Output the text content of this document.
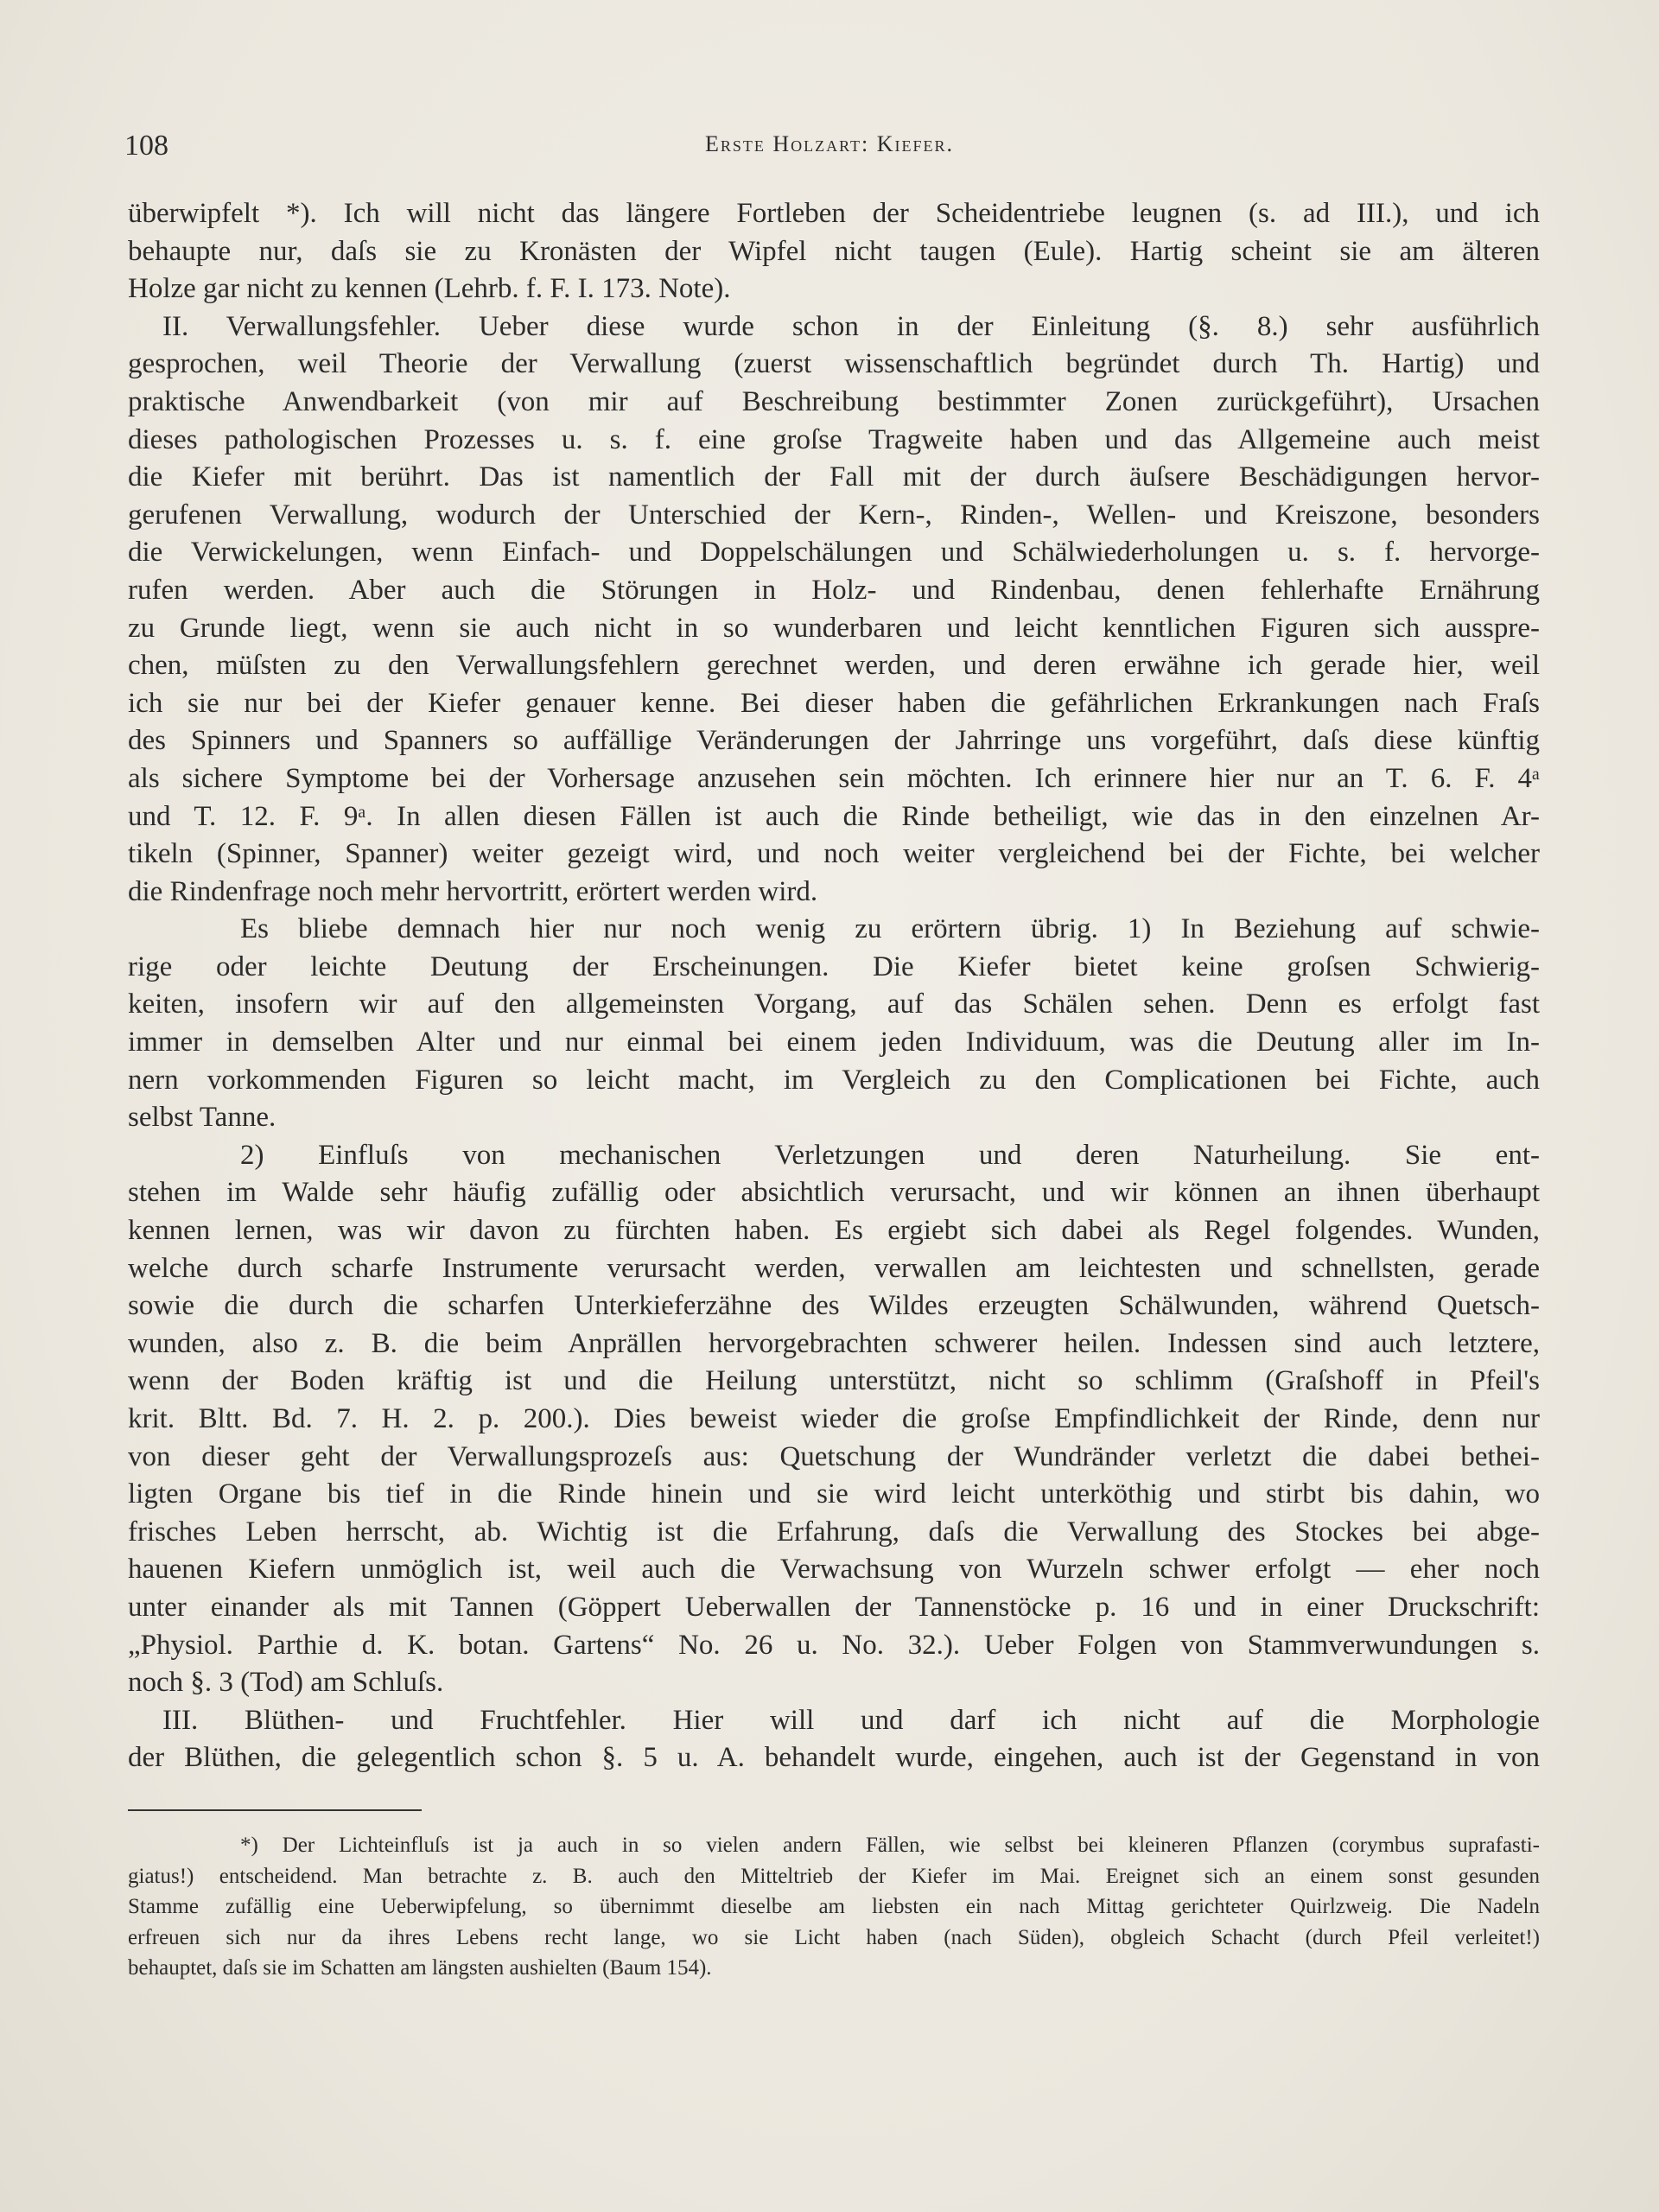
108	Erste Holzart: Kiefer.
überwipfelt *). Ich will nicht das längere Fortleben der Scheidentriebe leugnen (s. ad III.), und ich
behaupte nur, daſs sie zu Kronästen der Wipfel nicht taugen (Eule). Hartig scheint sie am älteren
Holze gar nicht zu kennen (Lehrb. f. F. I. 173. Note).
II. Verwallungsfehler. Ueber diese wurde schon in der Einleitung (§. 8.) sehr ausführlich
gesprochen, weil Theorie der Verwallung (zuerst wissenschaftlich begründet durch Th. Hartig) und
praktische Anwendbarkeit (von mir auf Beschreibung bestimmter Zonen zurückgeführt), Ursachen
dieses pathologischen Prozesses u. s. f. eine groſse Tragweite haben und das Allgemeine auch meist
die Kiefer mit berührt. Das ist namentlich der Fall mit der durch äuſsere Beschädigungen hervor-
gerufenen Verwallung, wodurch der Unterschied der Kern-, Rinden-, Wellen- und Kreiszone, besonders
die Verwickelungen, wenn Einfach- und Doppelschälungen und Schälwiederholungen u. s. f. hervorge-
rufen werden. Aber auch die Störungen in Holz- und Rindenbau, denen fehlerhafte Ernährung
zu Grunde liegt, wenn sie auch nicht in so wunderbaren und leicht kenntlichen Figuren sich ausspre-
chen, müſsten zu den Verwallungsfehlern gerechnet werden, und deren erwähne ich gerade hier, weil
ich sie nur bei der Kiefer genauer kenne. Bei dieser haben die gefährlichen Erkrankungen nach Fraſs
des Spinners und Spanners so auffällige Veränderungen der Jahrringe uns vorgeführt, daſs diese künftig
als sichere Symptome bei der Vorhersage anzusehen sein möchten. Ich erinnere hier nur an T. 6. F. 4ᵃ
und T. 12. F. 9ᵃ. In allen diesen Fällen ist auch die Rinde betheiligt, wie das in den einzelnen Ar-
tikeln (Spinner, Spanner) weiter gezeigt wird, und noch weiter vergleichend bei der Fichte, bei welcher
die Rindenfrage noch mehr hervortritt, erörtert werden wird.
Es bliebe demnach hier nur noch wenig zu erörtern übrig. 1) In Beziehung auf schwie-
rige oder leichte Deutung der Erscheinungen. Die Kiefer bietet keine groſsen Schwierig-
keiten, insofern wir auf den allgemeinsten Vorgang, auf das Schälen sehen. Denn es erfolgt fast
immer in demselben Alter und nur einmal bei einem jeden Individuum, was die Deutung aller im In-
nern vorkommenden Figuren so leicht macht, im Vergleich zu den Complicationen bei Fichte, auch
selbst Tanne.
2) Einfluſs von mechanischen Verletzungen und deren Naturheilung. Sie ent-
stehen im Walde sehr häufig zufällig oder absichtlich verursacht, und wir können an ihnen überhaupt
kennen lernen, was wir davon zu fürchten haben. Es ergiebt sich dabei als Regel folgendes. Wunden,
welche durch scharfe Instrumente verursacht werden, verwallen am leichtesten und schnellsten, gerade
sowie die durch die scharfen Unterkieferzähne des Wildes erzeugten Schälwunden, während Quetsch-
wunden, also z. B. die beim Anprällen hervorgebrachten schwerer heilen. Indessen sind auch letztere,
wenn der Boden kräftig ist und die Heilung unterstützt, nicht so schlimm (Graſshoff in Pfeil's
krit. Bltt. Bd. 7. H. 2. p. 200.). Dies beweist wieder die groſse Empfindlichkeit der Rinde, denn nur
von dieser geht der Verwallungsprozeſs aus: Quetschung der Wundränder verletzt die dabei bethei-
ligten Organe bis tief in die Rinde hinein und sie wird leicht unterköthig und stirbt bis dahin, wo
frisches Leben herrscht, ab. Wichtig ist die Erfahrung, daſs die Verwallung des Stockes bei abge-
hauenen Kiefern unmöglich ist, weil auch die Verwachsung von Wurzeln schwer erfolgt — eher noch
unter einander als mit Tannen (Göppert Ueberwallen der Tannenstöcke p. 16 und in einer Druckschrift:
„Physiol. Parthie d. K. botan. Gartens“ No. 26 u. No. 32.). Ueber Folgen von Stammverwundungen s.
noch §. 3 (Tod) am Schluſs.
III. Blüthen- und Fruchtfehler. Hier will und darf ich nicht auf die Morphologie
der Blüthen, die gelegentlich schon §. 5 u. A. behandelt wurde, eingehen, auch ist der Gegenstand in von
*) Der Lichteinfluſs ist ja auch in so vielen andern Fällen, wie selbst bei kleineren Pflanzen (corymbus suprafasti-
giatus!) entscheidend. Man betrachte z. B. auch den Mitteltrieb der Kiefer im Mai. Ereignet sich an einem sonst gesunden
Stamme zufällig eine Ueberwipfelung, so übernimmt dieselbe am liebsten ein nach Mittag gerichteter Quirlzweig. Die Nadeln
erfreuen sich nur da ihres Lebens recht lange, wo sie Licht haben (nach Süden), obgleich Schacht (durch Pfeil verleitet!)
behauptet, daſs sie im Schatten am längsten aushielten (Baum 154).
